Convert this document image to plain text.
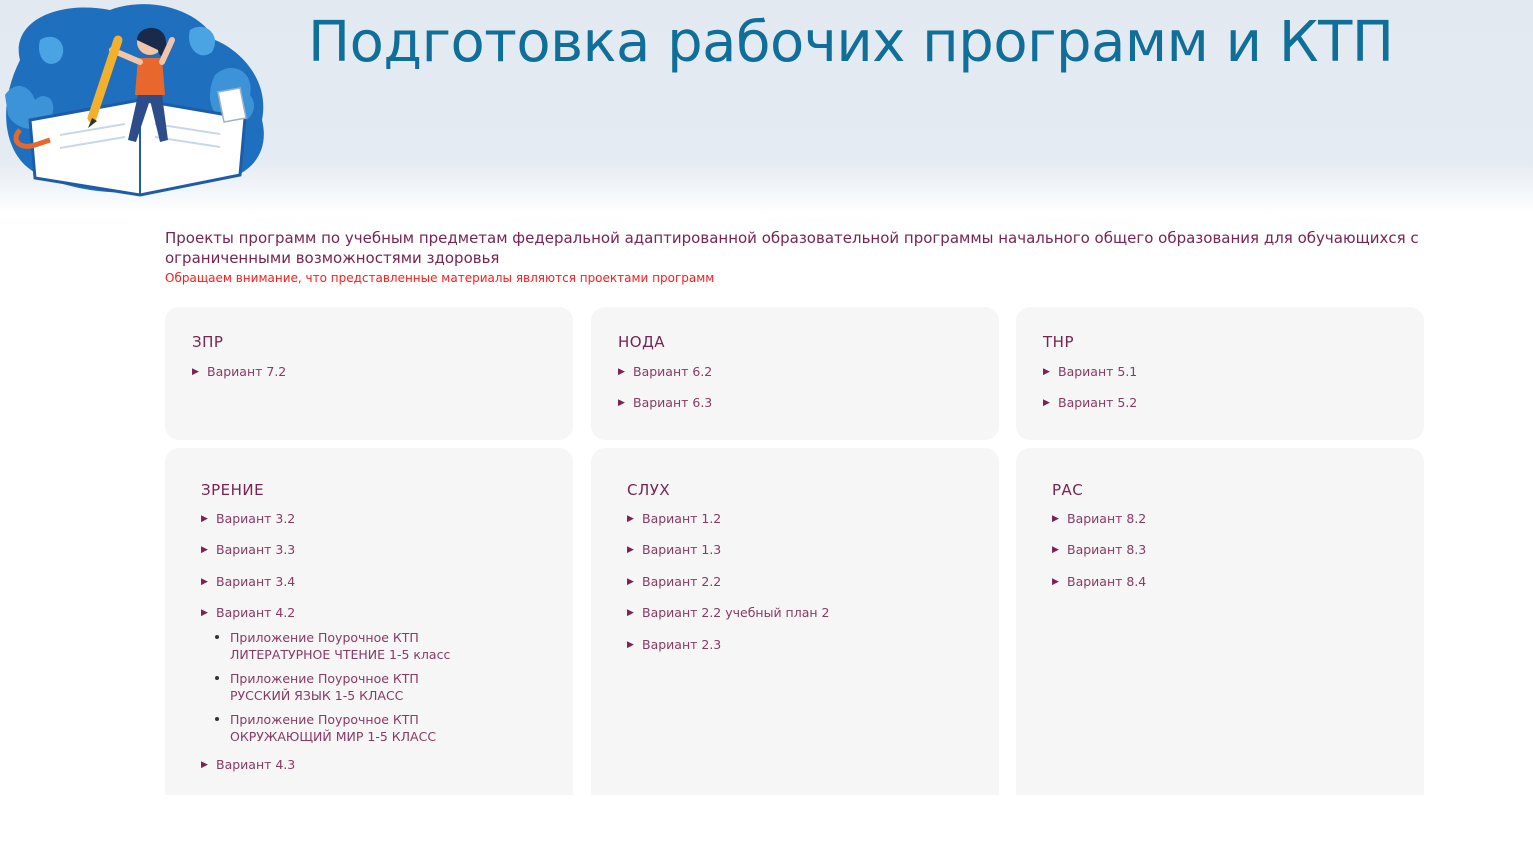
Подготовка рабочих программ и КТП

Проекты программ по учебным предметам федеральной адаптированной образовательной программы начального общего образования для обучающихся с ограниченными возможностями здоровья

Обращаем внимание, что представленные материалы являются проектами программ
ЗПР
▶ Вариант 7.2
НОДА
▶ Вариант 6.2
▶ Вариант 6.3
ТНР
▶ Вариант 5.1
▶ Вариант 5.2
ЗРЕНИЕ
▶ Вариант 3.2
▶ Вариант 3.3
▶ Вариант 3.4
▶ Вариант 4.2
Приложение Поурочное КТП
ЛИТЕРАТУРНОЕ ЧТЕНИЕ 1-5 класс
Приложение Поурочное КТП
РУССКИЙ ЯЗЫК 1-5 КЛАСС
Приложение Поурочное КТП
ОКРУЖАЮЩИЙ МИР 1-5 КЛАСС
▶ Вариант 4.3
СЛУХ
▶ Вариант 1.2
▶ Вариант 1.3
▶ Вариант 2.2
▶ Вариант 2.2 учебный план 2
▶ Вариант 2.3
РАС
▶ Вариант 8.2
▶ Вариант 8.3
▶ Вариант 8.4
